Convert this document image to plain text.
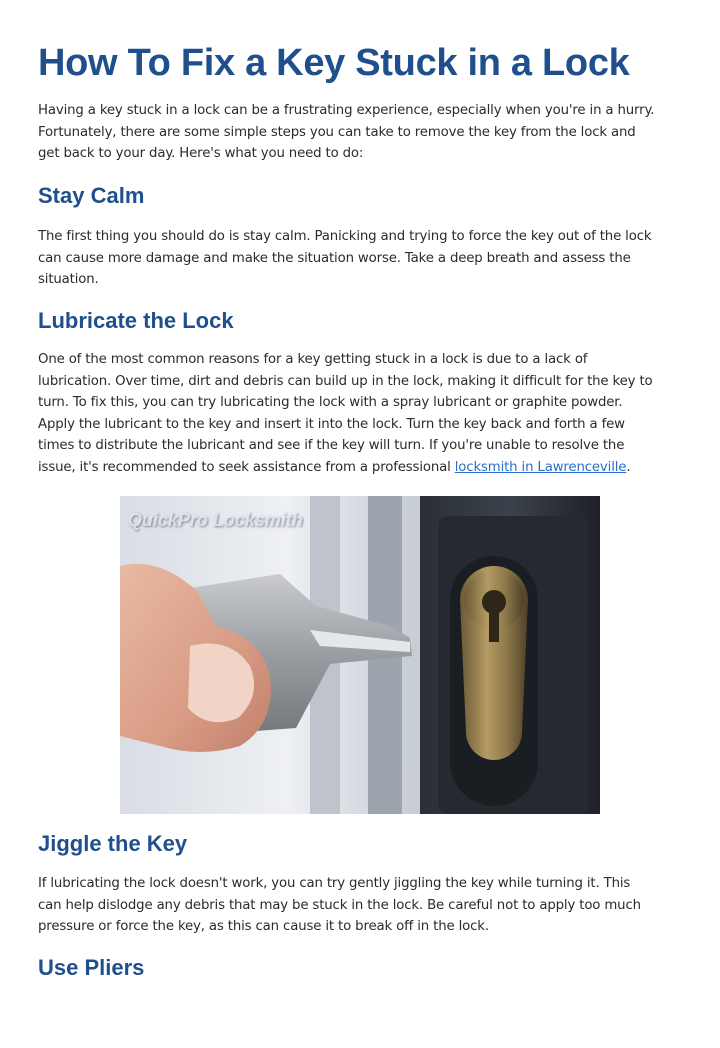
How To Fix a Key Stuck in a Lock
Having a key stuck in a lock can be a frustrating experience, especially when you're in a hurry.
Fortunately, there are some simple steps you can take to remove the key from the lock and
get back to your day. Here's what you need to do:
Stay Calm
The first thing you should do is stay calm. Panicking and trying to force the key out of the lock
can cause more damage and make the situation worse. Take a deep breath and assess the
situation.
Lubricate the Lock
One of the most common reasons for a key getting stuck in a lock is due to a lack of
lubrication. Over time, dirt and debris can build up in the lock, making it difficult for the key to
turn. To fix this, you can try lubricating the lock with a spray lubricant or graphite powder.
Apply the lubricant to the key and insert it into the lock. Turn the key back and forth a few
times to distribute the lubricant and see if the key will turn. If you're unable to resolve the
issue, it's recommended to seek assistance from a professional locksmith in Lawrenceville.

QuickPro Locksmith

Jiggle the Key
If lubricating the lock doesn't work, you can try gently jiggling the key while turning it. This
can help dislodge any debris that may be stuck in the lock. Be careful not to apply too much
pressure or force the key, as this can cause it to break off in the lock.
Use Pliers
